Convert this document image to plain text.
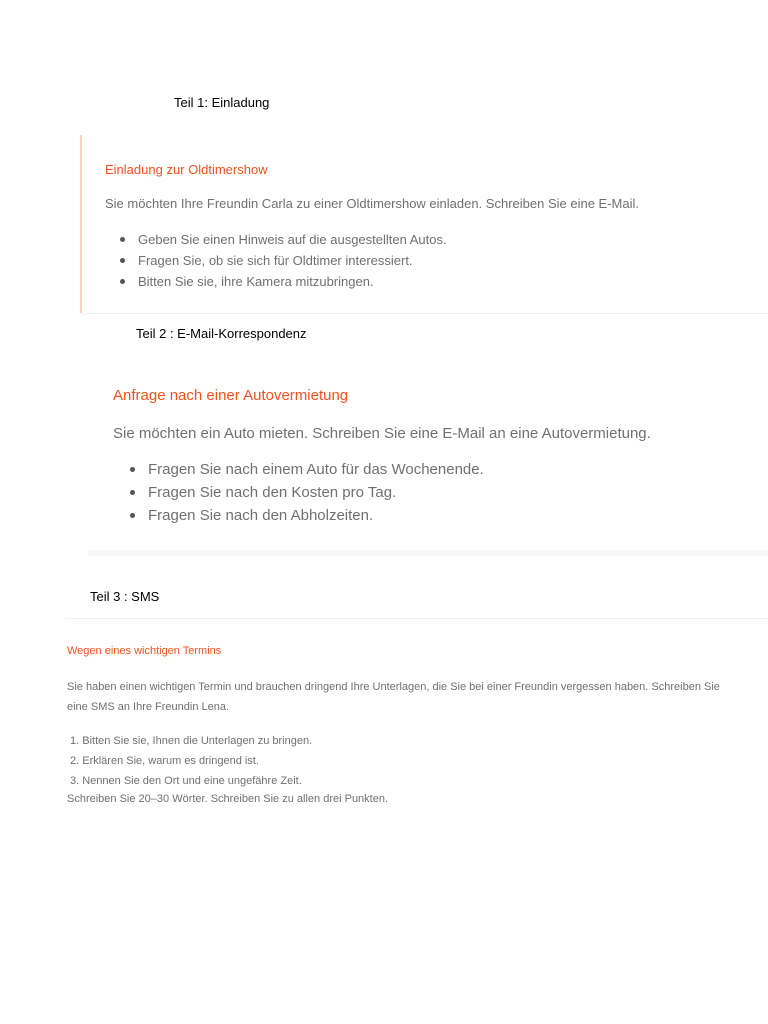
Teil 1: Einladung
Einladung zur Oldtimershow
Sie möchten Ihre Freundin Carla zu einer Oldtimershow einladen. Schreiben Sie eine E-Mail.
Geben Sie einen Hinweis auf die ausgestellten Autos.
Fragen Sie, ob sie sich für Oldtimer interessiert.
Bitten Sie sie, ihre Kamera mitzubringen.
Teil 2 : E-Mail-Korrespondenz
Anfrage nach einer Autovermietung
Sie möchten ein Auto mieten. Schreiben Sie eine E-Mail an eine Autovermietung.
Fragen Sie nach einem Auto für das Wochenende.
Fragen Sie nach den Kosten pro Tag.
Fragen Sie nach den Abholzeiten.
Teil 3 : SMS
Wegen eines wichtigen Termins
Sie haben einen wichtigen Termin und brauchen dringend Ihre Unterlagen, die Sie bei einer Freundin vergessen haben. Schreiben Sie eine SMS an Ihre Freundin Lena.
1. Bitten Sie sie, Ihnen die Unterlagen zu bringen.
2. Erklären Sie, warum es dringend ist.
3. Nennen Sie den Ort und eine ungefähre Zeit.
Schreiben Sie 20–30 Wörter. Schreiben Sie zu allen drei Punkten.
